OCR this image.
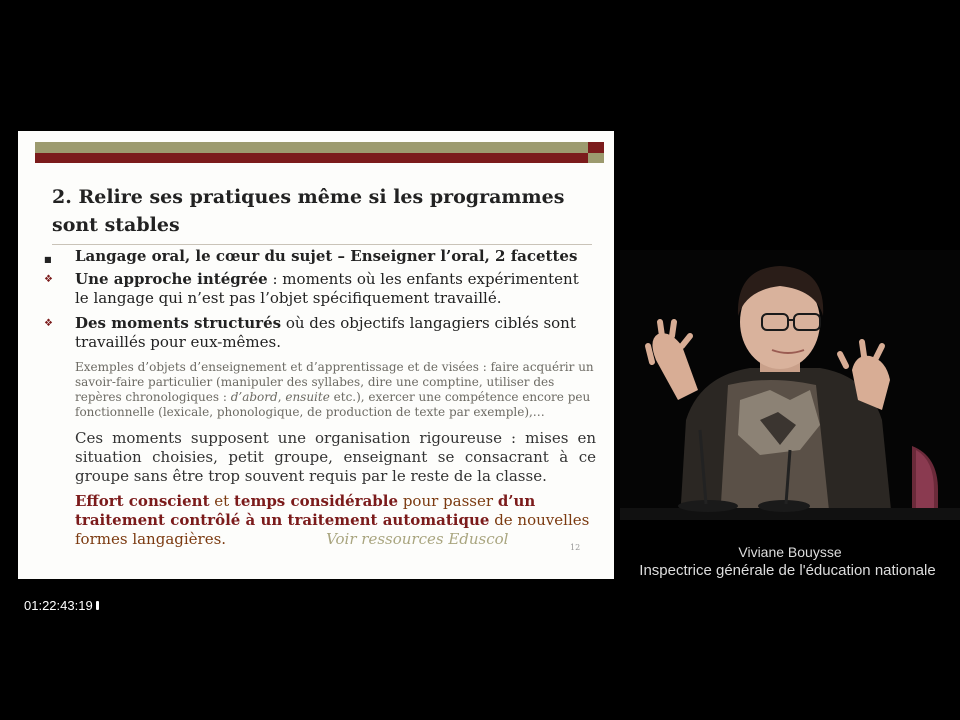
2. Relire ses pratiques même si les programmes sont stables
■ Langage oral, le cœur du sujet – Enseigner l’oral, 2 facettes
❖ Une approche intégrée : moments où les enfants expérimentent le langage qui n’est pas l’objet spécifiquement travaillé.
❖ Des moments structurés où des objectifs langagiers ciblés sont travaillés pour eux-mêmes.
Exemples d’objets d’enseignement et d’apprentissage et de visées : faire acquérir un savoir-faire particulier (manipuler des syllabes, dire une comptine, utiliser des repères chronologiques : d’abord, ensuite etc.), exercer une compétence encore peu fonctionnelle (lexicale, phonologique, de production de texte par exemple),…
Ces moments supposent une organisation rigoureuse : mises en situation choisies, petit groupe, enseignant se consacrant à ce groupe sans être trop souvent requis par le reste de la classe.
Effort conscient et temps considérable pour passer d’un traitement contrôlé à un traitement automatique de nouvelles formes langagières.	Voir ressources Eduscol	12	Viviane Bouysse
Inspectrice générale de l'éducation nationale
01:22:43:19
